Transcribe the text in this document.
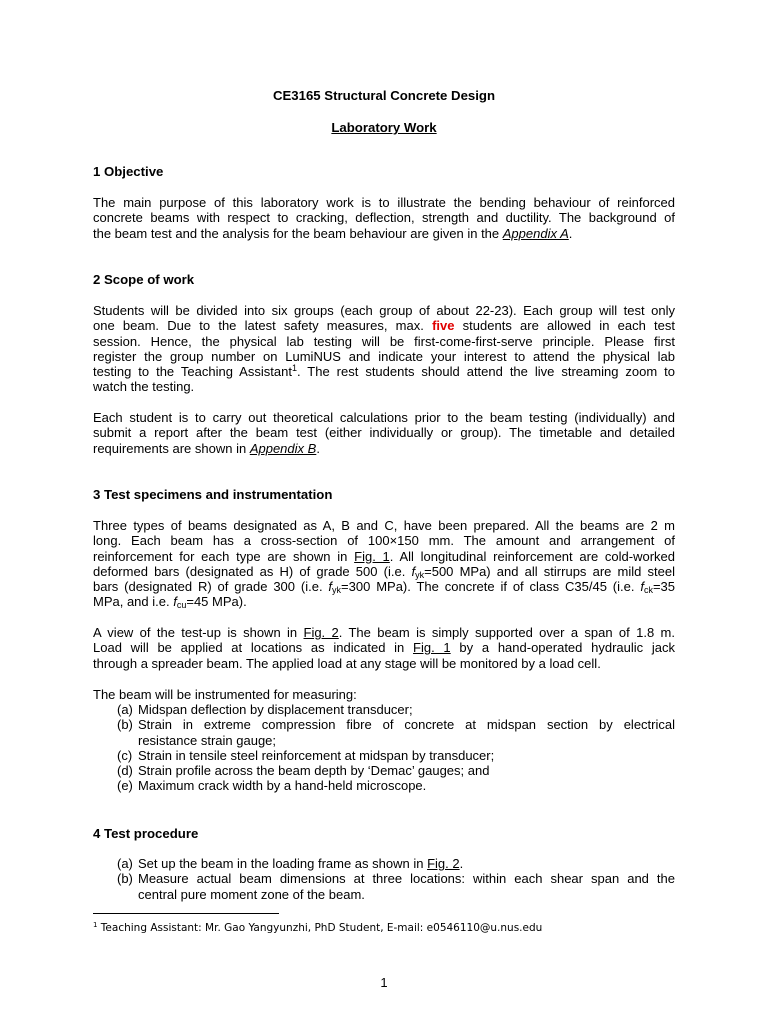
CE3165 Structural Concrete Design
Laboratory Work
1 Objective
The main purpose of this laboratory work is to illustrate the bending behaviour of reinforced
concrete beams with respect to cracking, deflection, strength and ductility. The background of
the beam test and the analysis for the beam behaviour are given in the Appendix A.
2 Scope of work
Students will be divided into six groups (each group of about 22-23). Each group will test only
one beam. Due to the latest safety measures, max. five students are allowed in each test
session. Hence, the physical lab testing will be first-come-first-serve principle. Please first
register the group number on LumiNUS and indicate your interest to attend the physical lab
testing to the Teaching Assistant$^1$. The rest students should attend the live streaming zoom to
watch the testing.
Each student is to carry out theoretical calculations prior to the beam testing (individually) and
submit a report after the beam test (either individually or group). The timetable and detailed
requirements are shown in Appendix B.
3 Test specimens and instrumentation
Three types of beams designated as A, B and C, have been prepared. All the beams are 2 m
long. Each beam has a cross-section of 100×150 mm. The amount and arrangement of
reinforcement for each type are shown in Fig. 1. All longitudinal reinforcement are cold-worked
deformed bars (designated as H) of grade 500 (i.e. $f_{yk}=500$ MPa) and all stirrups are mild steel
bars (designated R) of grade 300 (i.e. $f_{yk}=300$ MPa). The concrete if of class C35/45 (i.e. $f_{ck}=35$
MPa, and i.e. $f_{cu}=45$ MPa).
A view of the test-up is shown in Fig. 2. The beam is simply supported over a span of 1.8 m.
Load will be applied at locations as indicated in Fig. 1 by a hand-operated hydraulic jack
through a spreader beam. The applied load at any stage will be monitored by a load cell.
The beam will be instrumented for measuring:
(a) Midspan deflection by displacement transducer;
(b) Strain in extreme compression fibre of concrete at midspan section by electrical
resistance strain gauge;
(c) Strain in tensile steel reinforcement at midspan by transducer;
(d) Strain profile across the beam depth by ‘Demac’ gauges; and
(e) Maximum crack width by a hand-held microscope.
4 Test procedure
(a) Set up the beam in the loading frame as shown in Fig. 2.
(b) Measure actual beam dimensions at three locations: within each shear span and the
central pure moment zone of the beam.
$^1$ Teaching Assistant: Mr. Gao Yangyunzhi, PhD Student, E-mail: e0546110@u.nus.edu
1
